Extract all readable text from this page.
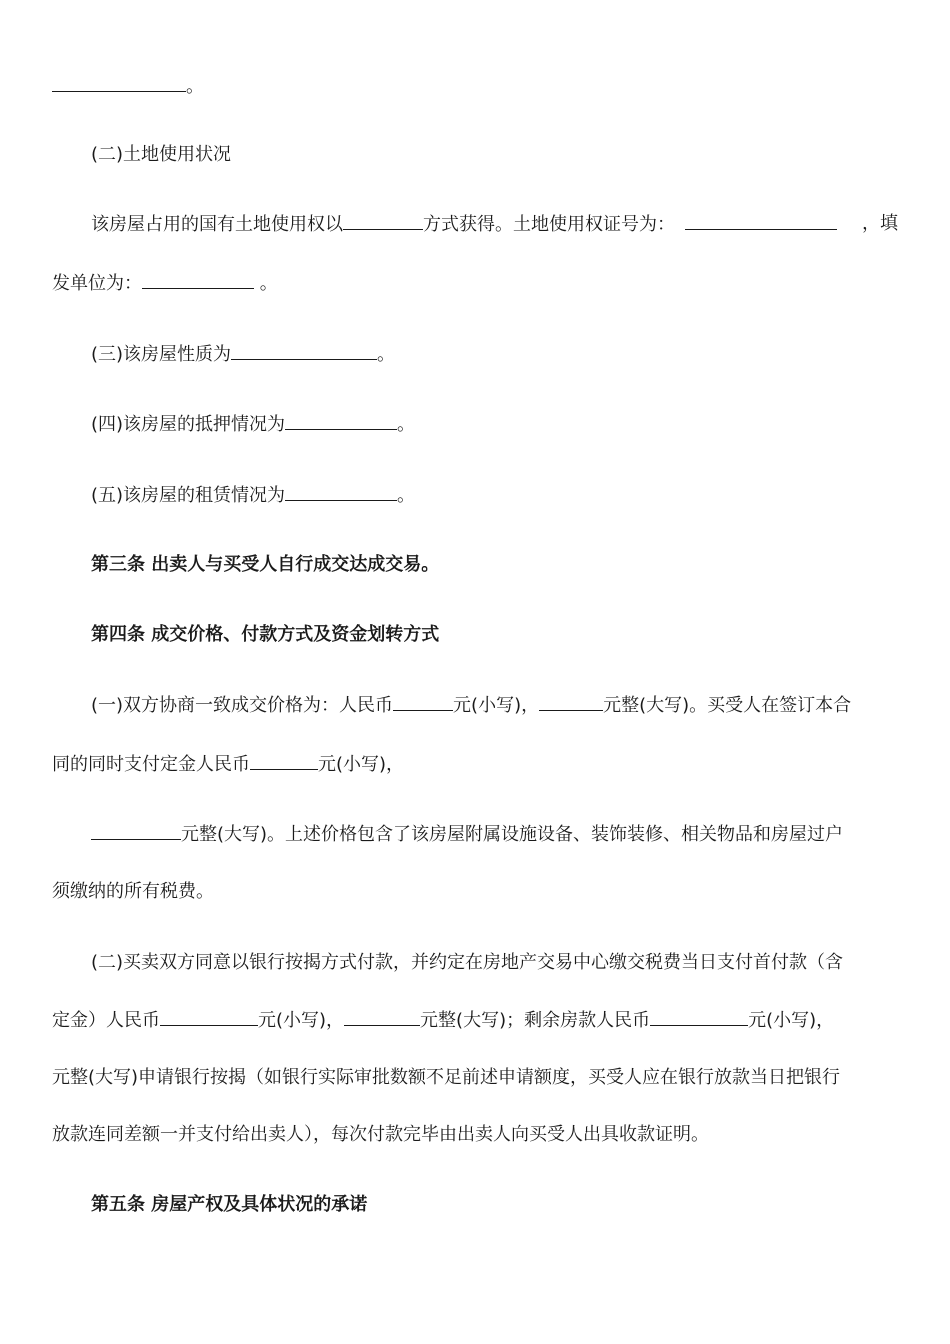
。
(二)土地使用状况
该房屋占用的国有土地使用权以	方式获得。土地使用权证号为：	，填
发单位为：	。
(三)该房屋性质为	。
(四)该房屋的抵押情况为	。
(五)该房屋的租赁情况为	。
第三条 出卖人与买受人自行成交达成交易。
第四条 成交价格、付款方式及资金划转方式
(一)双方协商一致成交价格为：人民币	元(小写)，	元整(大写)。买受人在签订本合
同的同时支付定金人民币	元(小写)，
元整(大写)。上述价格包含了该房屋附属设施设备、装饰装修、相关物品和房屋过户
须缴纳的所有税费。
(二)买卖双方同意以银行按揭方式付款，并约定在房地产交易中心缴交税费当日支付首付款（含
定金）人民币	元(小写)，	元整(大写)；剩余房款人民币	元(小写)，
元整(大写)申请银行按揭（如银行实际审批数额不足前述申请额度，买受人应在银行放款当日把银行
放款连同差额一并支付给出卖人），每次付款完毕由出卖人向买受人出具收款证明。
第五条 房屋产权及具体状况的承诺
